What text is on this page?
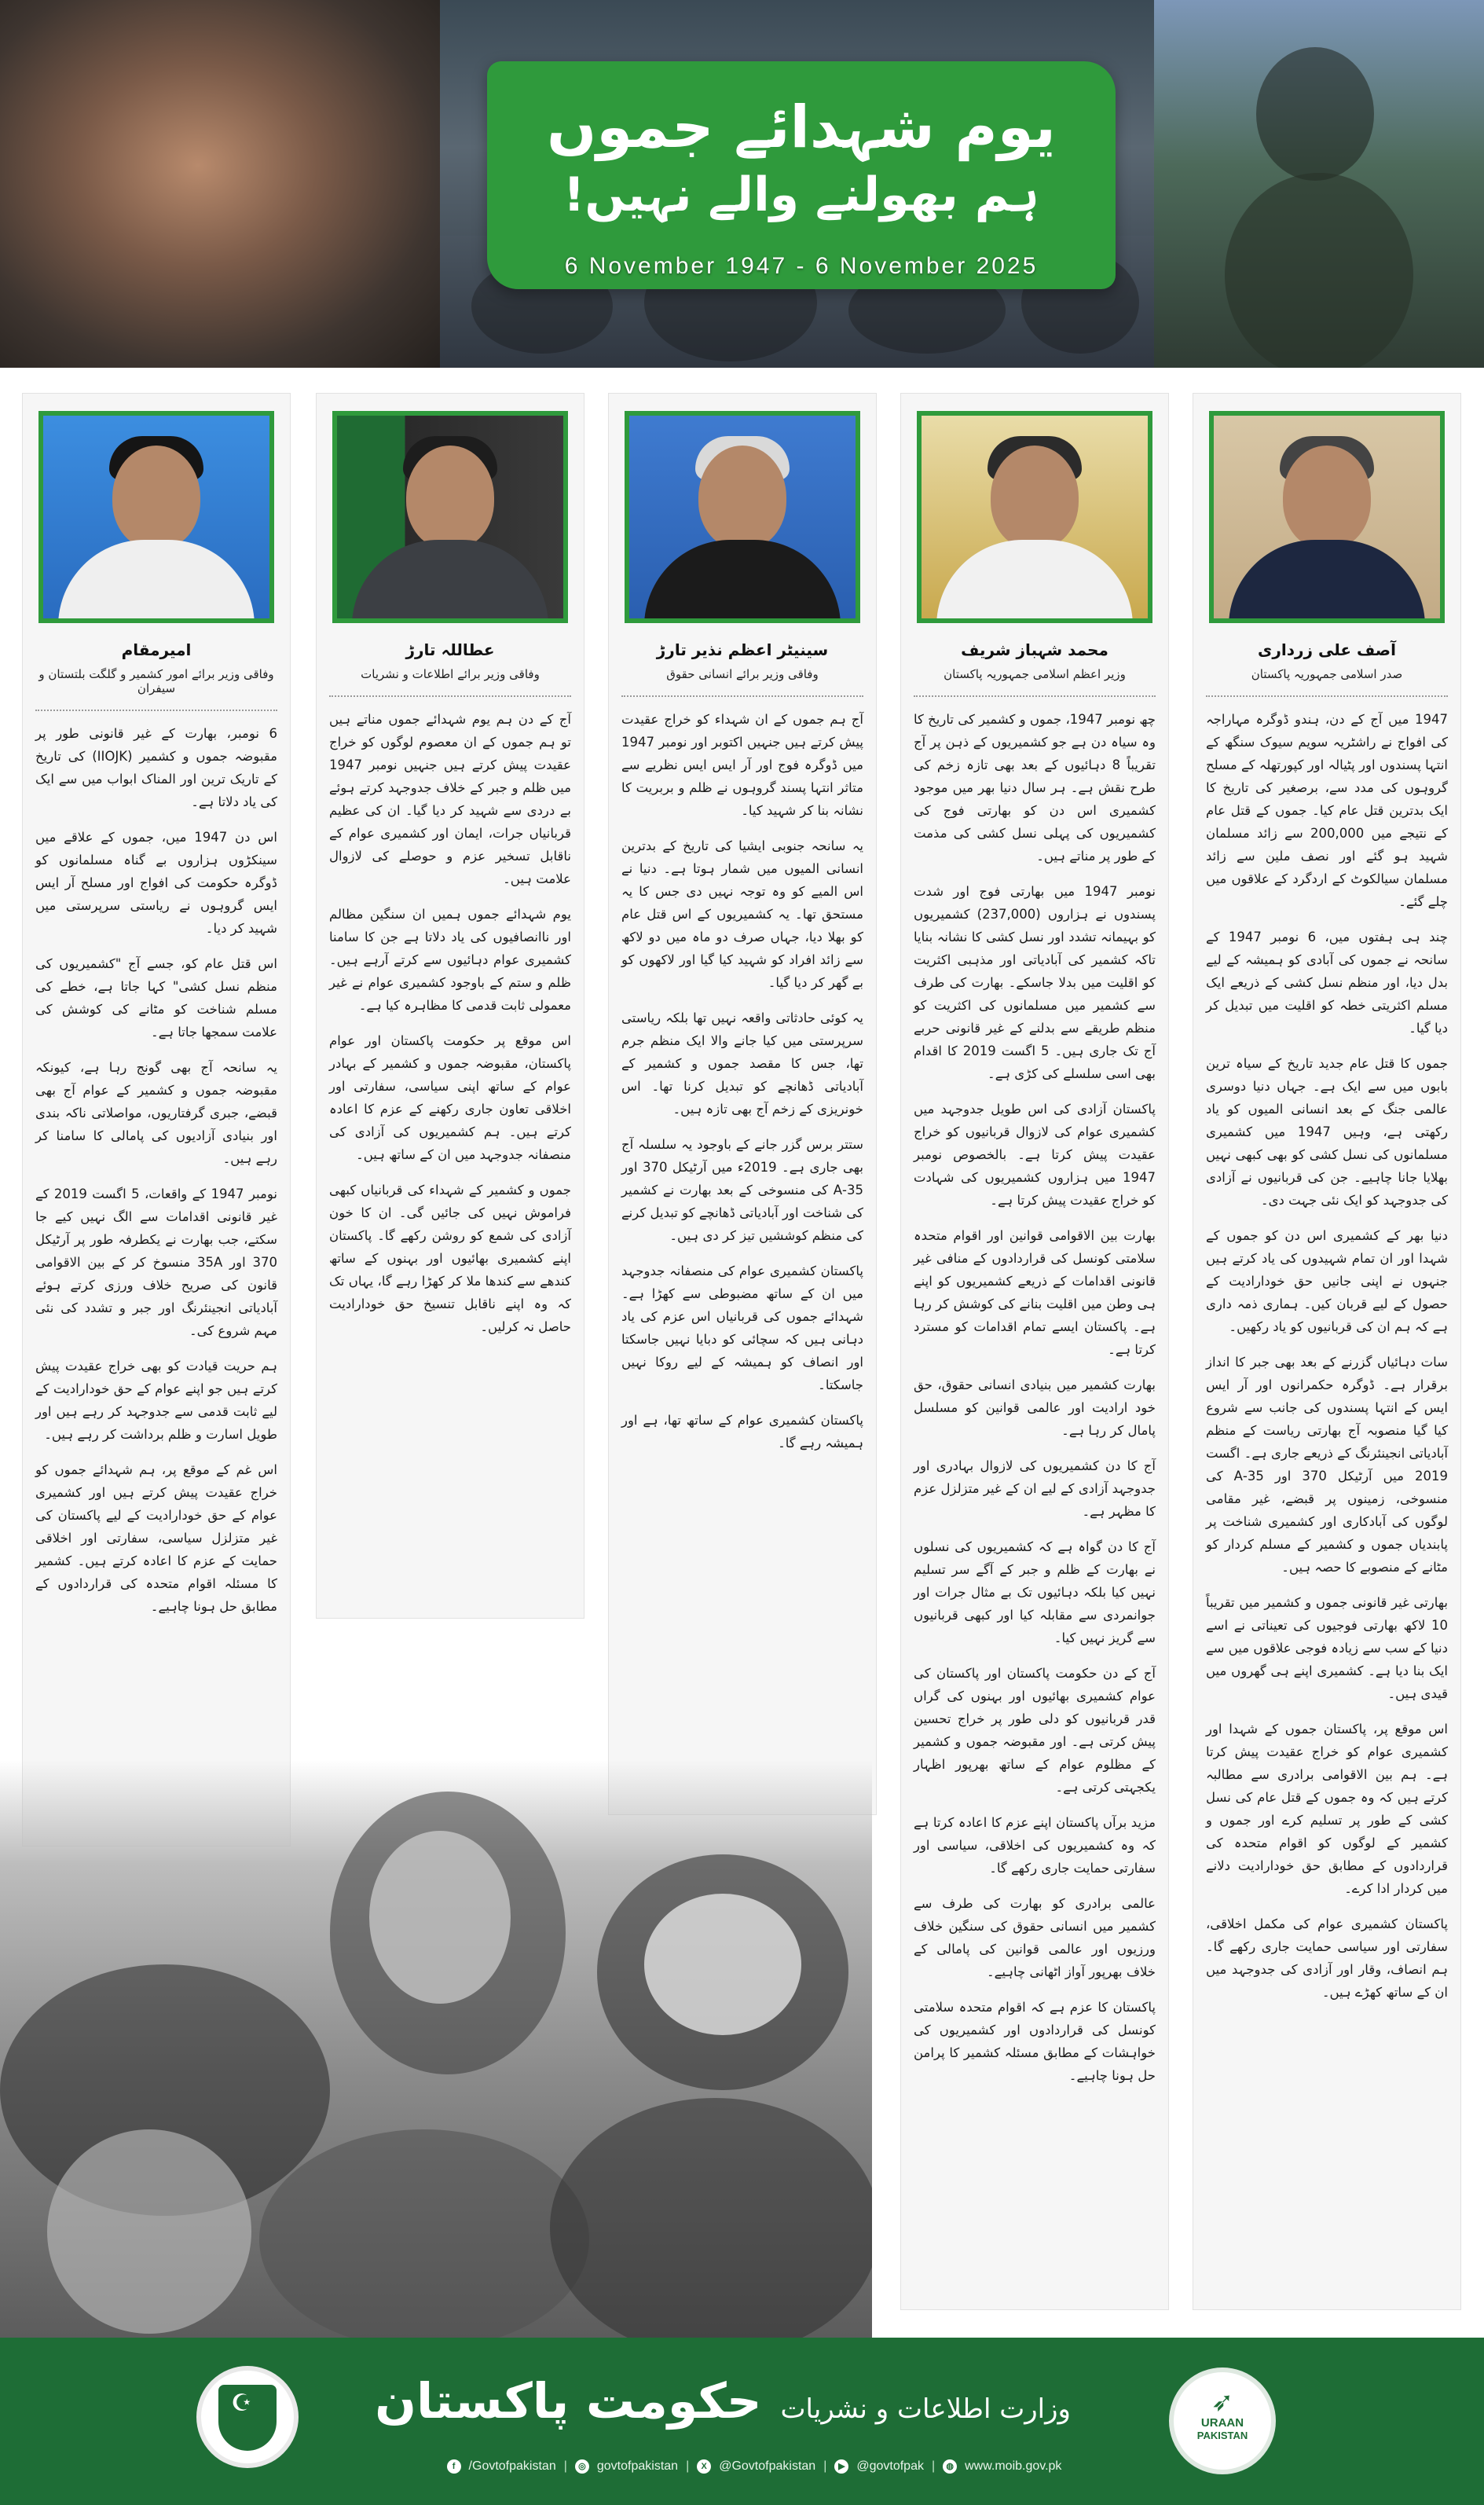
یوم شہدائے جموں
ہم بھولنے والے نہیں!
6 November 1947 - 6 November 2025
آصف علی زرداری
صدر اسلامی جمہوریہ پاکستان

1947 میں آج کے دن، ہندو ڈوگرہ مہاراجہ کی افواج نے راشٹریہ سویم سیوک سنگھ کے انتہا پسندوں اور پٹیالہ اور کپورتھلہ کے مسلح گروہوں کی مدد سے، برصغیر کی تاریخ کا ایک بدترین قتل عام کیا۔ جموں کے قتل عام کے نتیجے میں 200,000 سے زائد مسلمان شہید ہو گئے اور نصف ملین سے زائد مسلمان سیالکوٹ کے اردگرد کے علاقوں میں چلے گئے۔

چند ہی ہفتوں میں، 6 نومبر 1947 کے سانحہ نے جموں کی آبادی کو ہمیشہ کے لیے بدل دیا، اور منظم نسل کشی کے ذریعے ایک مسلم اکثریتی خطہ کو اقلیت میں تبدیل کر دیا گیا۔

جموں کا قتل عام جدید تاریخ کے سیاہ ترین بابوں میں سے ایک ہے۔ جہاں دنیا دوسری عالمی جنگ کے بعد انسانی المیوں کو یاد رکھتی ہے، وہیں 1947 میں کشمیری مسلمانوں کی نسل کشی کو بھی کبھی نہیں بھلایا جانا چاہیے۔ جن کی قربانیوں نے آزادی کی جدوجہد کو ایک نئی جہت دی۔

دنیا بھر کے کشمیری اس دن کو جموں کے شہدا اور ان تمام شہیدوں کی یاد کرتے ہیں جنہوں نے اپنی جانیں حق خودارادیت کے حصول کے لیے قربان کیں۔ ہماری ذمہ داری ہے کہ ہم ان کی قربانیوں کو یاد رکھیں۔

سات دہائیاں گزرنے کے بعد بھی جبر کا انداز برقرار ہے۔ ڈوگرہ حکمرانوں اور آر ایس ایس کے انتہا پسندوں کی جانب سے شروع کیا گیا منصوبہ آج بھارتی ریاست کے منظم آبادیاتی انجینئرنگ کے ذریعے جاری ہے۔ اگست 2019 میں آرٹیکل 370 اور 35-A کی منسوخی، زمینوں پر قبضے، غیر مقامی لوگوں کی آبادکاری اور کشمیری شناخت پر پابندیاں جموں و کشمیر کے مسلم کردار کو مٹانے کے منصوبے کا حصہ ہیں۔

بھارتی غیر قانونی جموں و کشمیر میں تقریباً 10 لاکھ بھارتی فوجیوں کی تعیناتی نے اسے دنیا کے سب سے زیادہ فوجی علاقوں میں سے ایک بنا دیا ہے۔ کشمیری اپنے ہی گھروں میں قیدی ہیں۔

اس موقع پر، پاکستان جموں کے شہدا اور کشمیری عوام کو خراج عقیدت پیش کرتا ہے۔ ہم بین الاقوامی برادری سے مطالبہ کرتے ہیں کہ وہ جموں کے قتل عام کی نسل کشی کے طور پر تسلیم کرے اور جموں و کشمیر کے لوگوں کو اقوام متحدہ کی قراردادوں کے مطابق حق خودارادیت دلانے میں کردار ادا کرے۔

پاکستان کشمیری عوام کی مکمل اخلاقی، سفارتی اور سیاسی حمایت جاری رکھے گا۔ ہم انصاف، وقار اور آزادی کی جدوجہد میں ان کے ساتھ کھڑے ہیں۔

محمد شہباز شریف
وزیر اعظم اسلامی جمہوریہ پاکستان

چھ نومبر 1947، جموں و کشمیر کی تاریخ کا وہ سیاہ دن ہے جو کشمیریوں کے ذہن پر آج تقریباً 8 دہائیوں کے بعد بھی تازہ زخم کی طرح نقش ہے۔ ہر سال دنیا بھر میں موجود کشمیری اس دن کو بھارتی فوج کی کشمیریوں کی پہلی نسل کشی کی مذمت کے طور پر مناتے ہیں۔

نومبر 1947 میں بھارتی فوج اور شدت پسندوں نے ہزاروں (237,000) کشمیریوں کو بہیمانہ تشدد اور نسل کشی کا نشانہ بنایا تاکہ کشمیر کی آبادیاتی اور مذہبی اکثریت کو اقلیت میں بدلا جاسکے۔ بھارت کی طرف سے کشمیر میں مسلمانوں کی اکثریت کو منظم طریقے سے بدلنے کے غیر قانونی حربے آج تک جاری ہیں۔ 5 اگست 2019 کا اقدام بھی اسی سلسلے کی کڑی ہے۔

پاکستان آزادی کی اس طویل جدوجہد میں کشمیری عوام کی لازوال قربانیوں کو خراج عقیدت پیش کرتا ہے۔ بالخصوص نومبر 1947 میں ہزاروں کشمیریوں کی شہادت کو خراج عقیدت پیش کرتا ہے۔

بھارت بین الاقوامی قوانین اور اقوام متحدہ سلامتی کونسل کی قراردادوں کے منافی غیر قانونی اقدامات کے ذریعے کشمیریوں کو اپنے ہی وطن میں اقلیت بنانے کی کوشش کر رہا ہے۔ پاکستان ایسے تمام اقدامات کو مسترد کرتا ہے۔

بھارت کشمیر میں بنیادی انسانی حقوق، حق خود ارادیت اور عالمی قوانین کو مسلسل پامال کر رہا ہے۔

آج کا دن کشمیریوں کی لازوال بہادری اور جدوجہد آزادی کے لیے ان کے غیر متزلزل عزم کا مظہر ہے۔

آج کا دن گواہ ہے کہ کشمیریوں کی نسلوں نے بھارت کے ظلم و جبر کے آگے سر تسلیم نہیں کیا بلکہ دہائیوں تک بے مثال جرات اور جوانمردی سے مقابلہ کیا اور کبھی قربانیوں سے گریز نہیں کیا۔

آج کے دن حکومت پاکستان اور پاکستان کی عوام کشمیری بھائیوں اور بہنوں کی گراں قدر قربانیوں کو دلی طور پر خراج تحسین پیش کرتی ہے۔ اور مقبوضہ جموں و کشمیر کے مظلوم عوام کے ساتھ بھرپور اظہار یکجہتی کرتی ہے۔

مزید برآں پاکستان اپنے عزم کا اعادہ کرتا ہے کہ وہ کشمیریوں کی اخلاقی، سیاسی اور سفارتی حمایت جاری رکھے گا۔

عالمی برادری کو بھارت کی طرف سے کشمیر میں انسانی حقوق کی سنگین خلاف ورزیوں اور عالمی قوانین کی پامالی کے خلاف بھرپور آواز اٹھانی چاہیے۔

پاکستان کا عزم ہے کہ اقوام متحدہ سلامتی کونسل کی قراردادوں اور کشمیریوں کی خواہشات کے مطابق مسئلہ کشمیر کا پرامن حل ہونا چاہیے۔

سینیٹر اعظم نذیر تارڑ
وفاقی وزیر برائے انسانی حقوق

آج ہم جموں کے ان شہداء کو خراج عقیدت پیش کرتے ہیں جنہیں اکتوبر اور نومبر 1947 میں ڈوگرہ فوج اور آر ایس ایس نظریے سے متاثر انتہا پسند گروہوں نے ظلم و بربریت کا نشانہ بنا کر شہید کیا۔

یہ سانحہ جنوبی ایشیا کی تاریخ کے بدترین انسانی المیوں میں شمار ہوتا ہے۔ دنیا نے اس المیے کو وہ توجہ نہیں دی جس کا یہ مستحق تھا۔ یہ کشمیریوں کے اس قتل عام کو بھلا دیا، جہاں صرف دو ماہ میں دو لاکھ سے زائد افراد کو شہید کیا گیا اور لاکھوں کو بے گھر کر دیا گیا۔

یہ کوئی حادثاتی واقعہ نہیں تھا بلکہ ریاستی سرپرستی میں کیا جانے والا ایک منظم جرم تھا، جس کا مقصد جموں و کشمیر کے آبادیاتی ڈھانچے کو تبدیل کرنا تھا۔ اس خونریزی کے زخم آج بھی تازہ ہیں۔

ستتر برس گزر جانے کے باوجود یہ سلسلہ آج بھی جاری ہے۔ 2019ء میں آرٹیکل 370 اور 35-A کی منسوخی کے بعد بھارت نے کشمیر کی شناخت اور آبادیاتی ڈھانچے کو تبدیل کرنے کی منظم کوششیں تیز کر دی ہیں۔

پاکستان کشمیری عوام کی منصفانہ جدوجہد میں ان کے ساتھ مضبوطی سے کھڑا ہے۔ شہدائے جموں کی قربانیاں اس عزم کی یاد دہانی ہیں کہ سچائی کو دبایا نہیں جاسکتا اور انصاف کو ہمیشہ کے لیے روکا نہیں جاسکتا۔

پاکستان کشمیری عوام کے ساتھ تھا، ہے اور ہمیشہ رہے گا۔

عطاللہ تارڑ
وفاقی وزیر برائے اطلاعات و نشریات

آج کے دن ہم یوم شہدائے جموں مناتے ہیں تو ہم جموں کے ان معصوم لوگوں کو خراج عقیدت پیش کرتے ہیں جنہیں نومبر 1947 میں ظلم و جبر کے خلاف جدوجہد کرتے ہوئے بے دردی سے شہید کر دیا گیا۔ ان کی عظیم قربانیاں جرات، ایمان اور کشمیری عوام کے ناقابل تسخیر عزم و حوصلے کی لازوال علامت ہیں۔

یوم شہدائے جموں ہمیں ان سنگین مظالم اور ناانصافیوں کی یاد دلاتا ہے جن کا سامنا کشمیری عوام دہائیوں سے کرتے آرہے ہیں۔ ظلم و ستم کے باوجود کشمیری عوام نے غیر معمولی ثابت قدمی کا مظاہرہ کیا ہے۔

اس موقع پر حکومت پاکستان اور عوام پاکستان، مقبوضہ جموں و کشمیر کے بہادر عوام کے ساتھ اپنی سیاسی، سفارتی اور اخلاقی تعاون جاری رکھنے کے عزم کا اعادہ کرتے ہیں۔ ہم کشمیریوں کی آزادی کی منصفانہ جدوجہد میں ان کے ساتھ ہیں۔

جموں و کشمیر کے شہداء کی قربانیاں کبھی فراموش نہیں کی جائیں گی۔ ان کا خون آزادی کی شمع کو روشن رکھے گا۔ پاکستان اپنے کشمیری بھائیوں اور بہنوں کے ساتھ کندھے سے کندھا ملا کر کھڑا رہے گا، یہاں تک کہ وہ اپنے ناقابل تنسیخ حق خودارادیت حاصل نہ کرلیں۔

امیرمقام
وفاقی وزیر برائے امور کشمیر و گلگت بلتستان و سیفران

6 نومبر، بھارت کے غیر قانونی طور پر مقبوضہ جموں و کشمیر (IIOJK) کی تاریخ کے تاریک ترین اور المناک ابواب میں سے ایک کی یاد دلاتا ہے۔

اس دن 1947 میں، جموں کے علاقے میں سینکڑوں ہزاروں بے گناہ مسلمانوں کو ڈوگرہ حکومت کی افواج اور مسلح آر ایس ایس گروہوں نے ریاستی سرپرستی میں شہید کر دیا۔

اس قتل عام کو، جسے آج "کشمیریوں کی منظم نسل کشی" کہا جاتا ہے، خطے کی مسلم شناخت کو مٹانے کی کوشش کی علامت سمجھا جاتا ہے۔

یہ سانحہ آج بھی گونج رہا ہے، کیونکہ مقبوضہ جموں و کشمیر کے عوام آج بھی قبضے، جبری گرفتاریوں، مواصلاتی ناکہ بندی اور بنیادی آزادیوں کی پامالی کا سامنا کر رہے ہیں۔

نومبر 1947 کے واقعات، 5 اگست 2019 کے غیر قانونی اقدامات سے الگ نہیں کیے جا سکتے، جب بھارت نے یکطرفہ طور پر آرٹیکل 370 اور 35A منسوخ کر کے بین الاقوامی قانون کی صریح خلاف ورزی کرتے ہوئے آبادیاتی انجینئرنگ اور جبر و تشدد کی نئی مہم شروع کی۔

ہم حریت قیادت کو بھی خراج عقیدت پیش کرتے ہیں جو اپنے عوام کے حق خودارادیت کے لیے ثابت قدمی سے جدوجہد کر رہے ہیں اور طویل اسارت و ظلم برداشت کر رہے ہیں۔

اس غم کے موقع پر، ہم شہدائے جموں کو خراج عقیدت پیش کرتے ہیں اور کشمیری عوام کے حق خودارادیت کے لیے پاکستان کی غیر متزلزل سیاسی، سفارتی اور اخلاقی حمایت کے عزم کا اعادہ کرتے ہیں۔ کشمیر کا مسئلہ اقوام متحدہ کی قراردادوں کے مطابق حل ہونا چاہیے۔

☪	وزارت اطلاعات و نشریات
حکومت پاکستان
f	/Govtofpakistan |	◎ govtofpakistan |	X @Govtofpakistan |	▶ @govtofpak |	◍ www.moib.gov.pk
➶
URAAN
PAKISTAN
